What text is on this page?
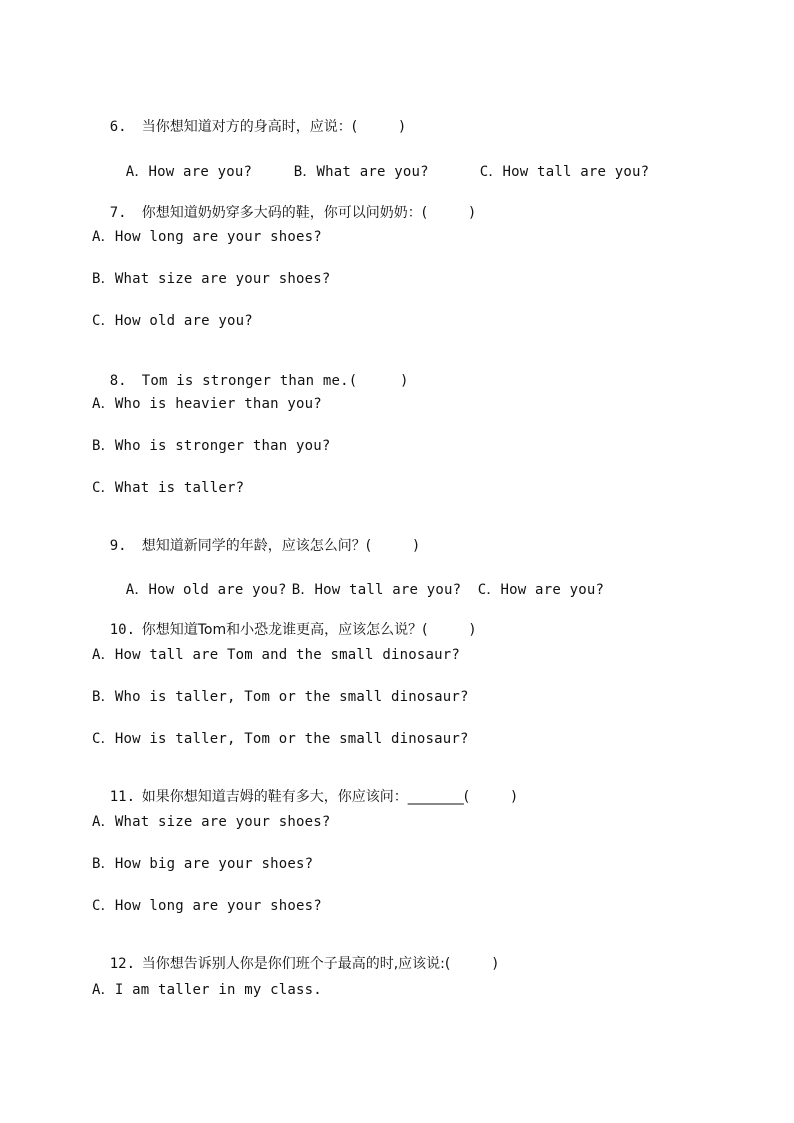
6. 当你想知道对方的身高时，应说：(　　　)

A．How are you?	B．What are you?	C．How tall are you?

7. 你想知道奶奶穿多大码的鞋，你可以问奶奶：(　　　)

A．How long are your shoes?
B．What size are your shoes?
C．How old are you?

8. Tom is stronger than me.(　　　)

A．Who is heavier than you?
B．Who is stronger than you?
C．What is taller?

9. 想知道新同学的年龄，应该怎么问？(　　　)

A．How old are you? B．How tall are you? C．How are you?

10. 你想知道Tom和小恐龙谁更高，应该怎么说？(　　　)

A．How tall are Tom and the small dinosaur?
B．Who is taller, Tom or the small dinosaur?
C．How is taller, Tom or the small dinosaur?

11. 如果你想知道吉姆的鞋有多大，你应该问：________(　　　)

A．What size are your shoes?
B．How big are your shoes?
C．How long are your shoes?

12. 当你想告诉别人你是你们班个子最高的时,应该说:(　　　)

A．I am taller in my class.
